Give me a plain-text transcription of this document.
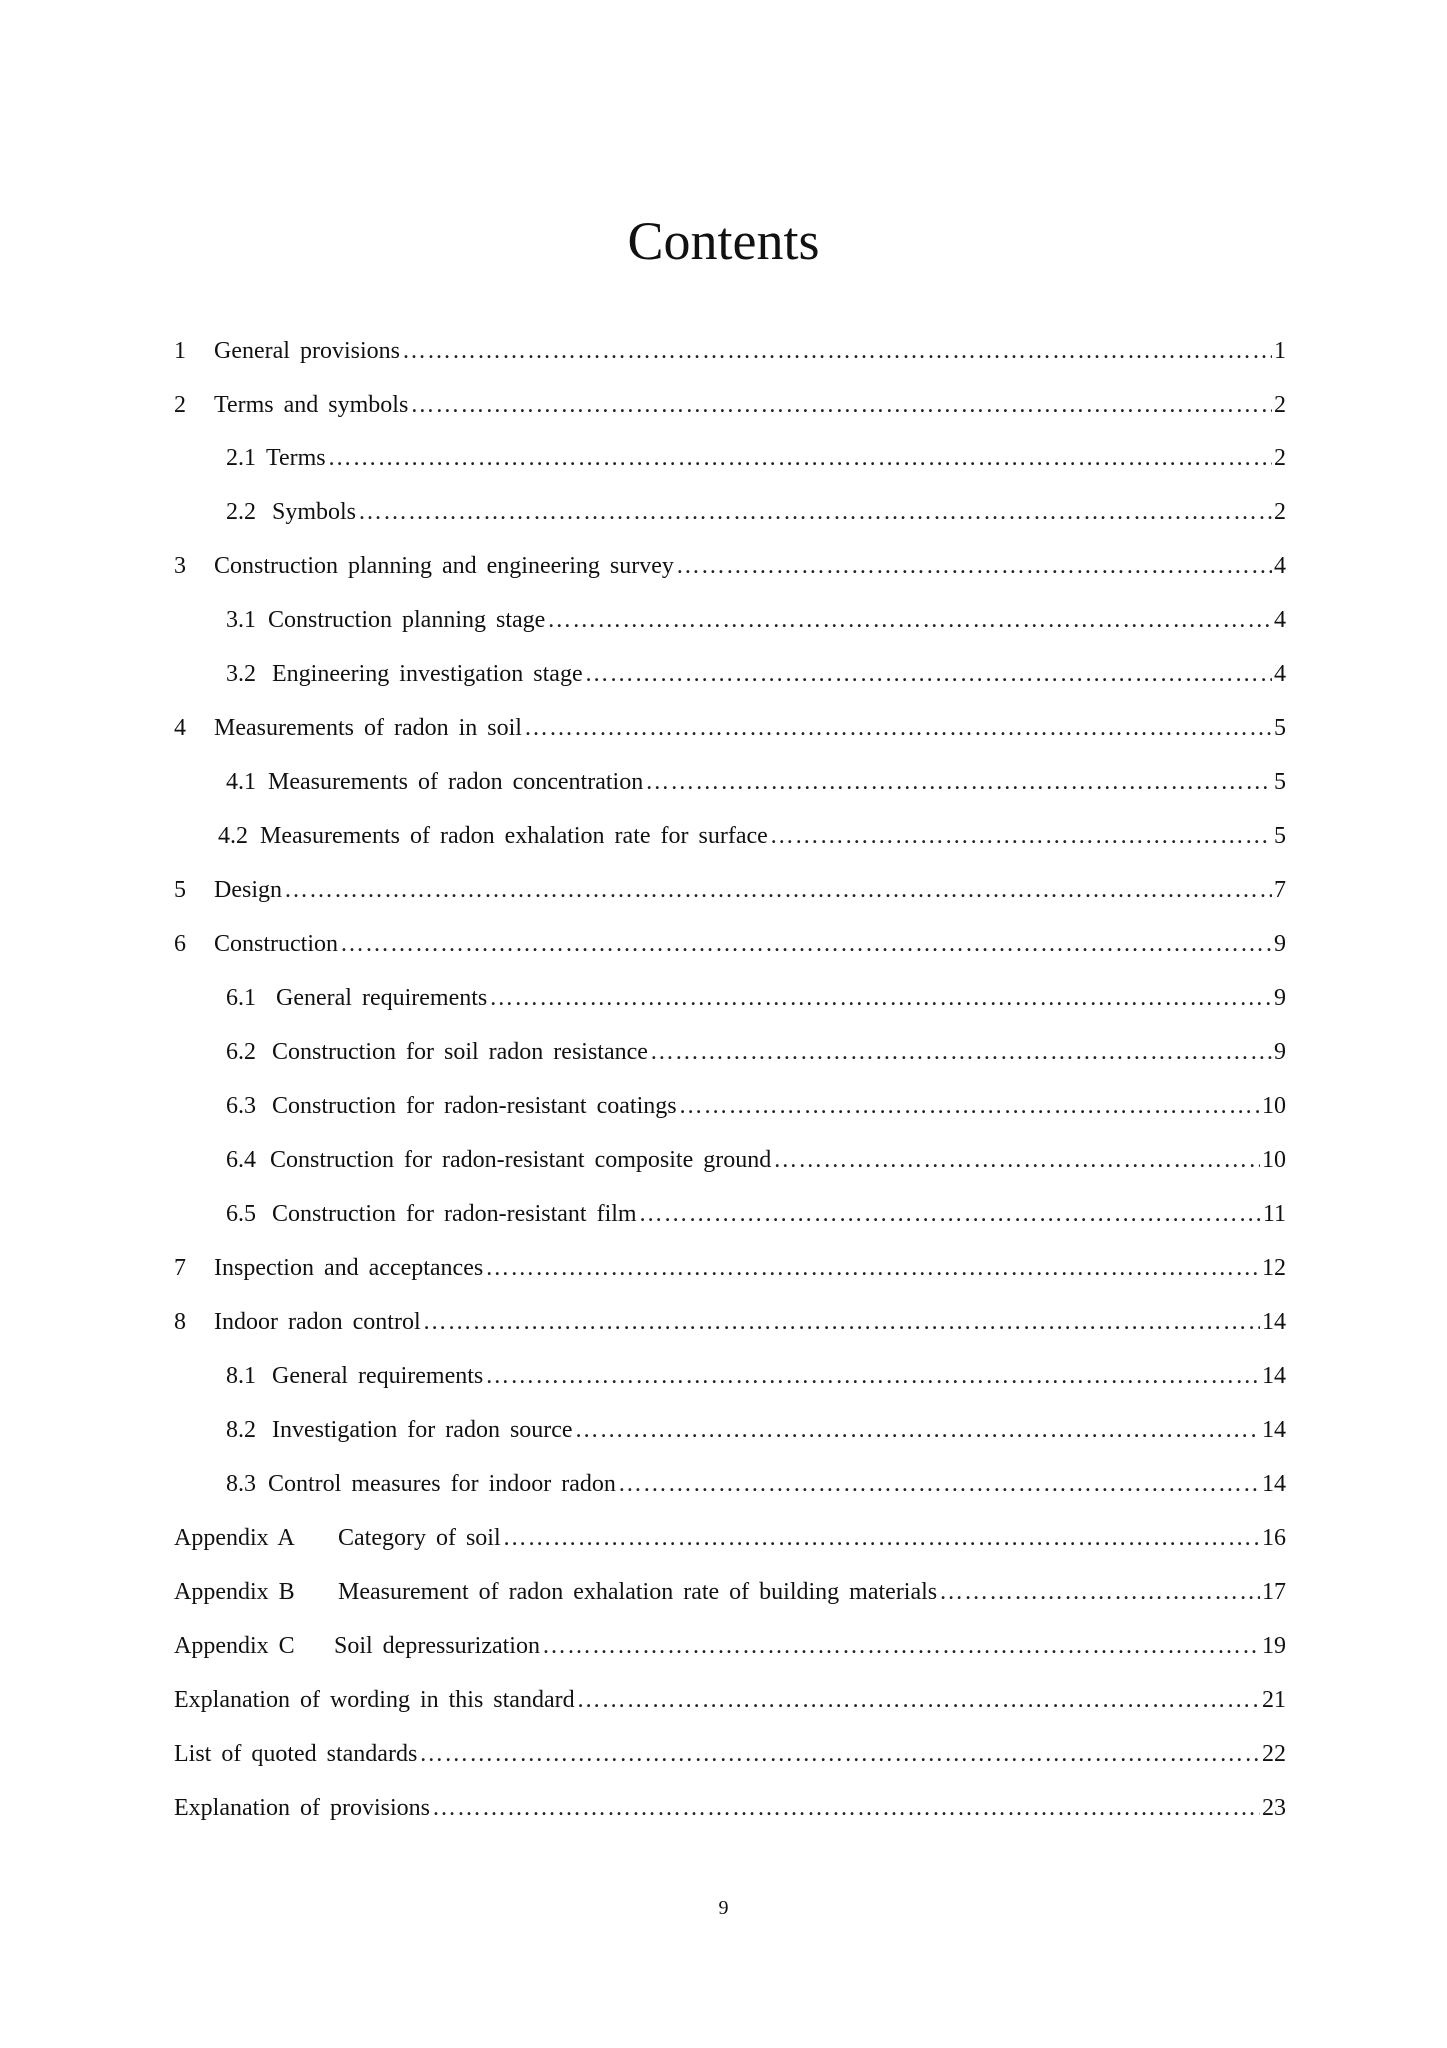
Contents
1	General provisions …………………………………………………………………………………………………………………………………………………………………………………………………………	1
2	Terms and symbols …………………………………………………………………………………………………………………………………………………………………………………………………………	2
2.1 Terms …………………………………………………………………………………………………………………………………………………………………………………………………………	2
2.2 Symbols …………………………………………………………………………………………………………………………………………………………………………………………………………	2
3	Construction planning and engineering survey …………………………………………………………………………………………………………………………………………………………………………………………………………	4
3.1 Construction planning stage …………………………………………………………………………………………………………………………………………………………………………………………………………	4
3.2 Engineering investigation stage …………………………………………………………………………………………………………………………………………………………………………………………………………	4
4	Measurements of radon in soil …………………………………………………………………………………………………………………………………………………………………………………………………………	5
4.1 Measurements of radon concentration …………………………………………………………………………………………………………………………………………………………………………………………………………	5
4.2 Measurements of radon exhalation rate for surface …………………………………………………………………………………………………………………………………………………………………………………………………………	5
5	Design …………………………………………………………………………………………………………………………………………………………………………………………………………	7
6	Construction …………………………………………………………………………………………………………………………………………………………………………………………………………	9
6.1 General requirements …………………………………………………………………………………………………………………………………………………………………………………………………………	9
6.2 Construction for soil radon resistance …………………………………………………………………………………………………………………………………………………………………………………………………………	9
6.3 Construction for radon-resistant coatings …………………………………………………………………………………………………………………………………………………………………………………………………………	10
6.4 Construction for radon-resistant composite ground …………………………………………………………………………………………………………………………………………………………………………………………………………	10
6.5 Construction for radon-resistant film …………………………………………………………………………………………………………………………………………………………………………………………………………	11
7	Inspection and acceptances …………………………………………………………………………………………………………………………………………………………………………………………………………	12
8	Indoor radon control …………………………………………………………………………………………………………………………………………………………………………………………………………	14
8.1 General requirements …………………………………………………………………………………………………………………………………………………………………………………………………………	14
8.2 Investigation for radon source …………………………………………………………………………………………………………………………………………………………………………………………………………	14
8.3 Control measures for indoor radon …………………………………………………………………………………………………………………………………………………………………………………………………………	14
Appendix A	Category of soil …………………………………………………………………………………………………………………………………………………………………………………………………………	16
Appendix B	Measurement of radon exhalation rate of building materials …………………………………………………………………………………………………………………………………………………………………………………………………………	17
Appendix C	Soil depressurization …………………………………………………………………………………………………………………………………………………………………………………………………………	19
Explanation of wording in this standard …………………………………………………………………………………………………………………………………………………………………………………………………………	21
List of quoted standards …………………………………………………………………………………………………………………………………………………………………………………………………………	22
Explanation of provisions …………………………………………………………………………………………………………………………………………………………………………………………………………	23
9
